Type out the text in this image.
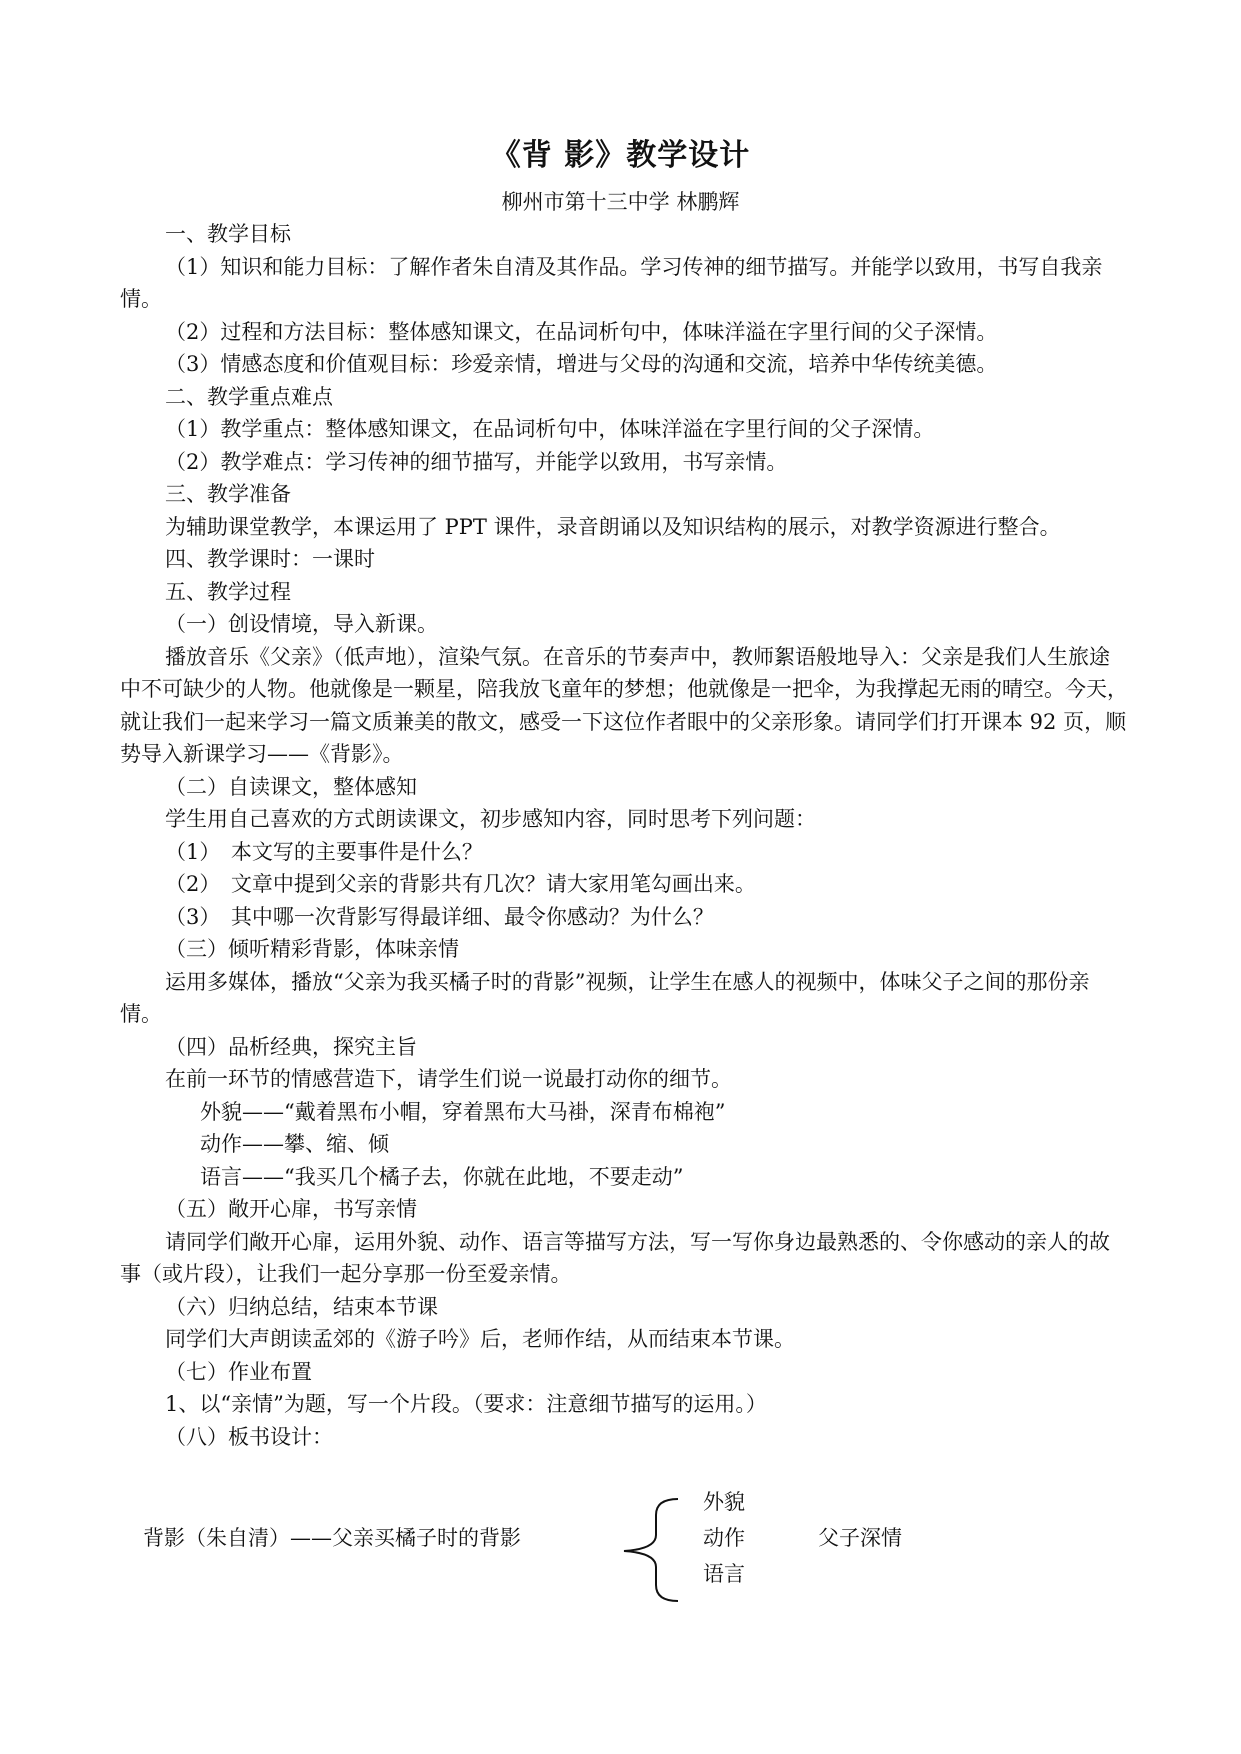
《背 影》教学设计
柳州市第十三中学 林鹏辉

一、教学目标

（1）知识和能力目标：了解作者朱自清及其作品。学习传神的细节描写。并能学以致用，书写自我亲情。

（2）过程和方法目标：整体感知课文，在品词析句中，体味洋溢在字里行间的父子深情。

（3）情感态度和价值观目标：珍爱亲情，增进与父母的沟通和交流，培养中华传统美德。

二、教学重点难点

（1）教学重点：整体感知课文，在品词析句中，体味洋溢在字里行间的父子深情。

（2）教学难点：学习传神的细节描写，并能学以致用，书写亲情。

三、教学准备

为辅助课堂教学，本课运用了 PPT 课件，录音朗诵以及知识结构的展示，对教学资源进行整合。

四、教学课时：一课时

五、教学过程

（一）创设情境，导入新课。

播放音乐《父亲》（低声地），渲染气氛。在音乐的节奏声中，教师絮语般地导入：父亲是我们人生旅途中不可缺少的人物。他就像是一颗星，陪我放飞童年的梦想；他就像是一把伞，为我撑起无雨的晴空。今天，就让我们一起来学习一篇文质兼美的散文，感受一下这位作者眼中的父亲形象。请同学们打开课本 92 页，顺势导入新课学习——《背影》。

（二）自读课文，整体感知

学生用自己喜欢的方式朗读课文，初步感知内容，同时思考下列问题：

（1）　本文写的主要事件是什么？

（2）　文章中提到父亲的背影共有几次？请大家用笔勾画出来。

（3）　其中哪一次背影写得最详细、最令你感动？为什么？

（三）倾听精彩背影，体味亲情

运用多媒体，播放“父亲为我买橘子时的背影”视频，让学生在感人的视频中，体味父子之间的那份亲情。

（四）品析经典，探究主旨

在前一环节的情感营造下，请学生们说一说最打动你的细节。

外貌——“戴着黑布小帽，穿着黑布大马褂，深青布棉袍”

动作——攀、缩、倾

语言——“我买几个橘子去，你就在此地，不要走动”

（五）敞开心扉，书写亲情

请同学们敞开心扉，运用外貌、动作、语言等描写方法，写一写你身边最熟悉的、令你感动的亲人的故事（或片段），让我们一起分享那一份至爱亲情。

（六）归纳总结，结束本节课

同学们大声朗读孟郊的《游子吟》后，老师作结，从而结束本节课。

（七）作业布置

1、以“亲情”为题，写一个片段。（要求：注意细节描写的运用。）

（八）板书设计：

背影（朱自清）——父亲买橘子时的背影
外貌
动作
语言
父子深情
